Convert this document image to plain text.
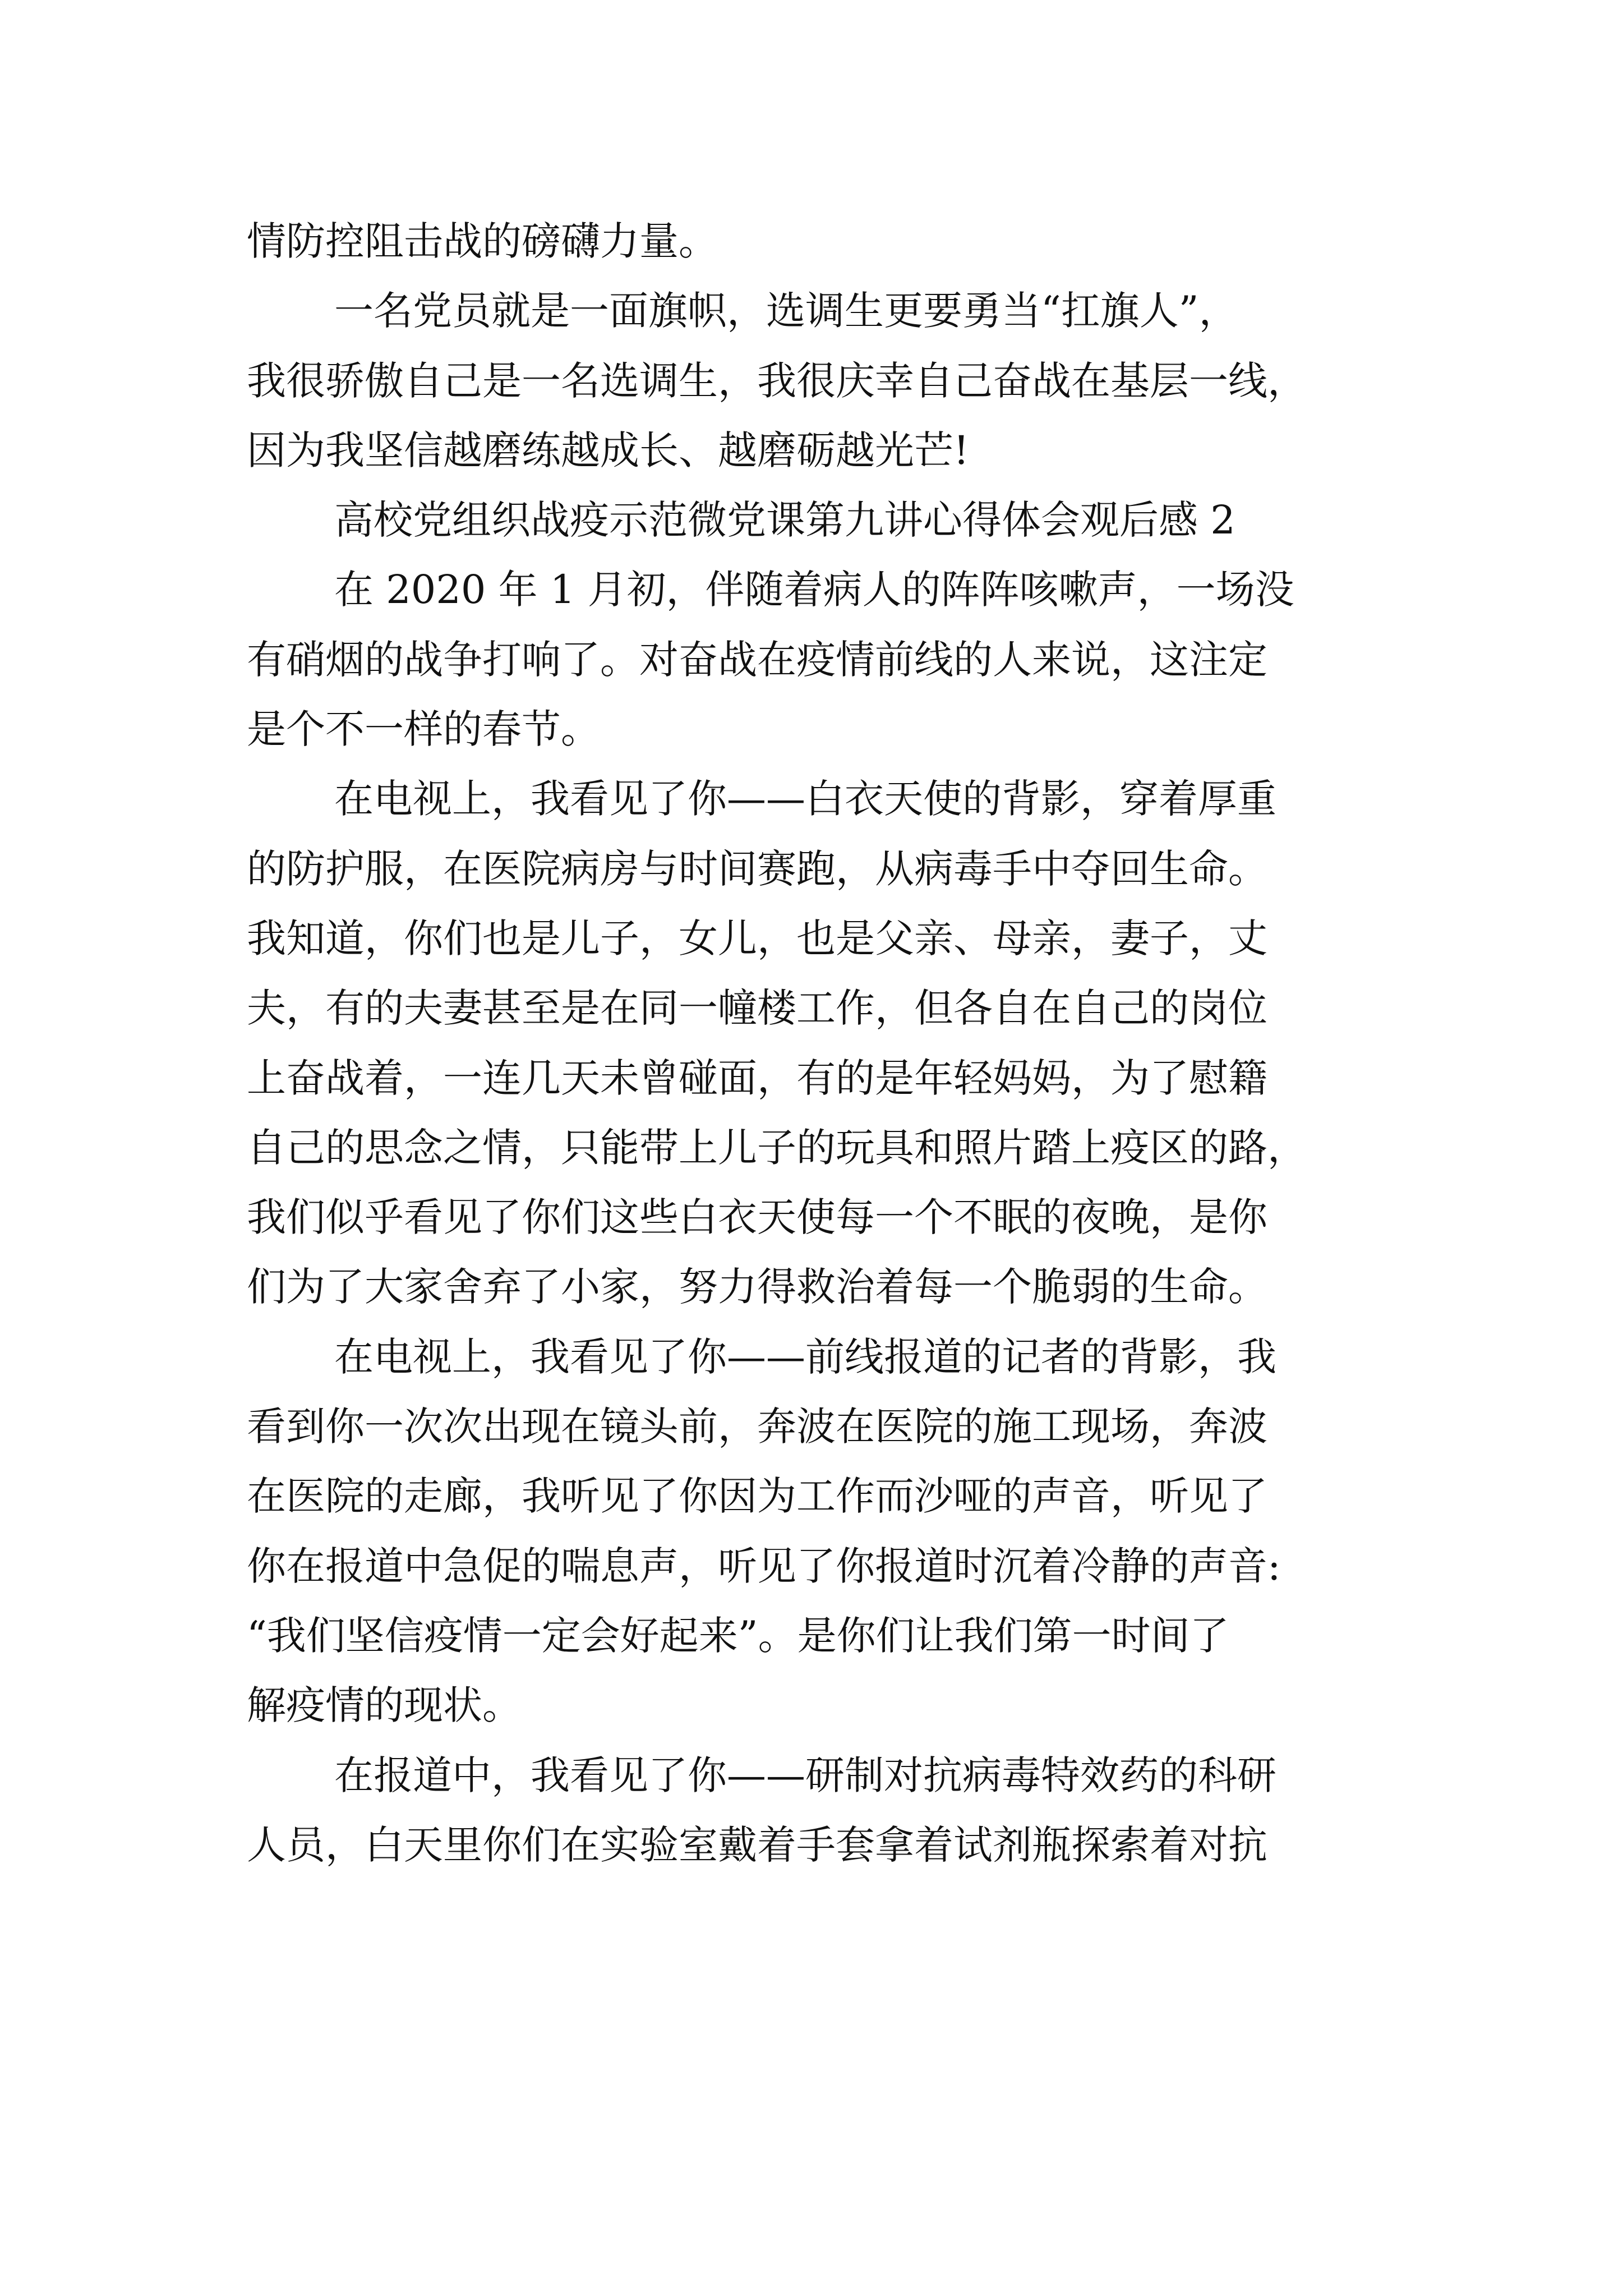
情防控阻击战的磅礴力量。
一名党员就是一面旗帜，选调生更要勇当“扛旗人”，
我很骄傲自己是一名选调生，我很庆幸自己奋战在基层一线，
因为我坚信越磨练越成长、越磨砺越光芒!
高校党组织战疫示范微党课第九讲心得体会观后感 2
在 2020 年 1 月初，伴随着病人的阵阵咳嗽声，一场没
有硝烟的战争打响了。对奋战在疫情前线的人来说，这注定
是个不一样的春节。
在电视上，我看见了你——白衣天使的背影，穿着厚重
的防护服，在医院病房与时间赛跑，从病毒手中夺回生命。
我知道，你们也是儿子，女儿，也是父亲、母亲，妻子，丈
夫，有的夫妻甚至是在同一幢楼工作，但各自在自己的岗位
上奋战着，一连几天未曾碰面，有的是年轻妈妈，为了慰籍
自己的思念之情，只能带上儿子的玩具和照片踏上疫区的路，
我们似乎看见了你们这些白衣天使每一个不眠的夜晚，是你
们为了大家舍弃了小家，努力得救治着每一个脆弱的生命。
在电视上，我看见了你——前线报道的记者的背影，我
看到你一次次出现在镜头前，奔波在医院的施工现场，奔波
在医院的走廊，我听见了你因为工作而沙哑的声音，听见了
你在报道中急促的喘息声，听见了你报道时沉着冷静的声音:
“我们坚信疫情一定会好起来”。是你们让我们第一时间了
解疫情的现状。
在报道中，我看见了你——研制对抗病毒特效药的科研
人员，白天里你们在实验室戴着手套拿着试剂瓶探索着对抗
